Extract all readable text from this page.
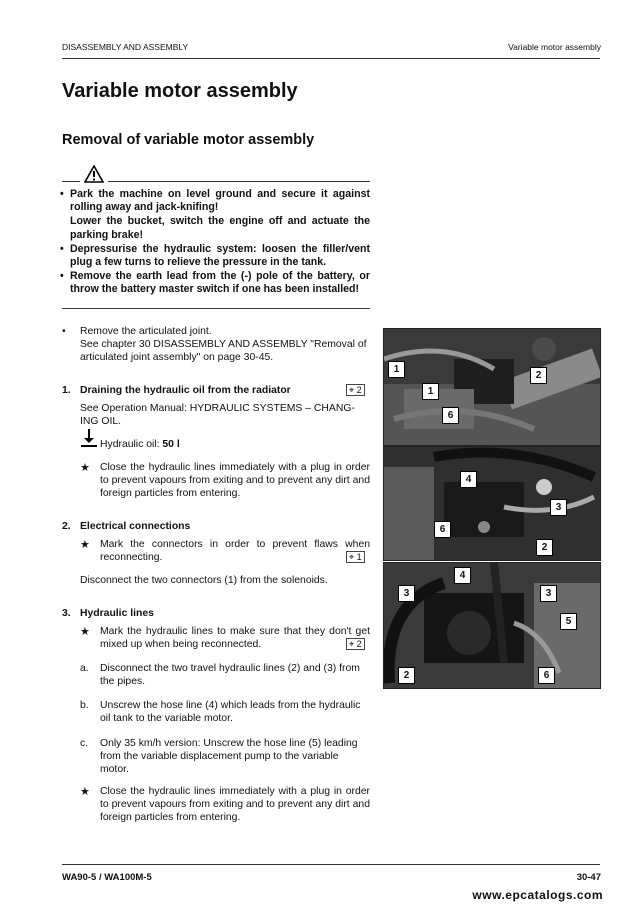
DISASSEMBLY AND ASSEMBLY	Variable motor assembly
Variable motor assembly
Removal of variable motor assembly
• Park the machine on level ground and secure it against rolling away and jack-knifing!
Lower the bucket, switch the engine off and actuate the parking brake!
• Depressurise the hydraulic system: loosen the filler/vent plug a few turns to relieve the pressure in the tank.
• Remove the earth lead from the (-) pole of the battery, or throw the battery master switch if one has been installed!
• Remove the articulated joint.
See chapter 30 DISASSEMBLY AND ASSEMBLY "Removal of articulated joint assembly" on page 30-45.
1. Draining the hydraulic oil from the radiator	⌖ 2
See Operation Manual: HYDRAULIC SYSTEMS – CHANG-ING OIL.
Hydraulic oil: 50 l
★ Close the hydraulic lines immediately with a plug in order to prevent vapours from exiting and to prevent any dirt and foreign particles from entering.
2. Electrical connections
★ Mark the connectors in order to prevent flaws when reconnecting.	⌖ 1
Disconnect the two connectors (1) from the solenoids.
3. Hydraulic lines
★ Mark the hydraulic lines to make sure that they don't get mixed up when being reconnected.	⌖ 2
a. Disconnect the two travel hydraulic lines (2) and (3) from the pipes.
b. Unscrew the hose line (4) which leads from the hydraulic oil tank to the variable motor.
c. Only 35 km/h version: Unscrew the hose line (5) leading from the variable displacement pump to the variable motor.
★ Close the hydraulic lines immediately with a plug in order to prevent vapours from exiting and to prevent any dirt and foreign particles from entering.
1
2
1
6
4
3
6
2
4
3	3
5
2	6
WA90-5 / WA100M-5	30-47
www.epcatalogs.com
